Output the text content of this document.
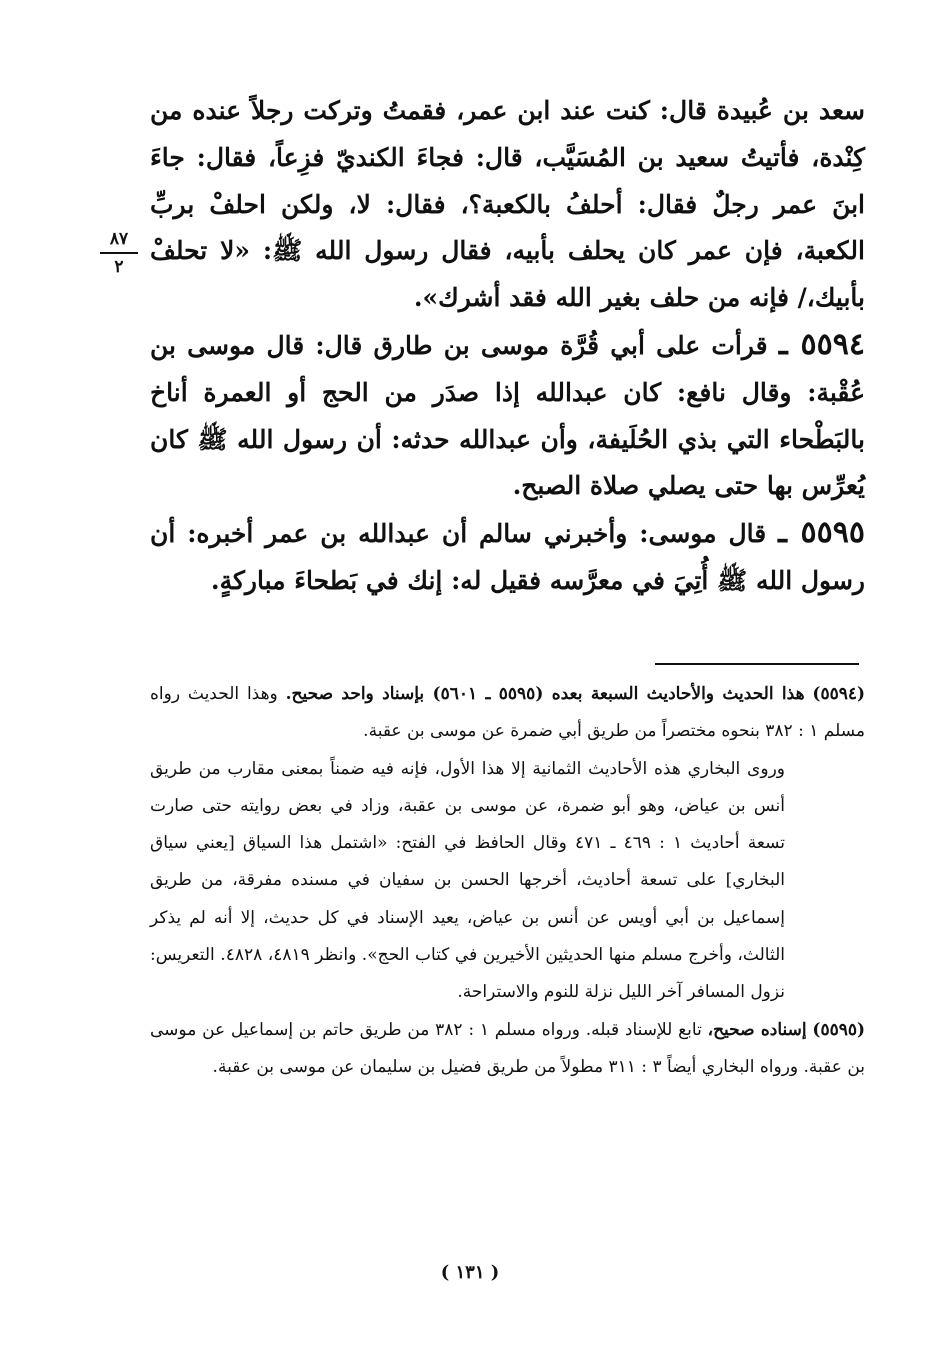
٨٧
٢

سعد بن عُبيدة قال: كنت عند ابن عمر، فقمتُ وتركت رجلاً عنده من كِنْدة، فأتيتُ سعيد بن المُسَيَّب، قال: فجاءَ الكنديّ فزِعاً، فقال: جاءَ ابنَ عمر رجلٌ فقال: أحلفُ بالكعبة؟، فقال: لا، ولكن احلفْ بربِّ الكعبة، فإن عمر كان يحلف بأبيه، فقال رسول الله ﷺ: «لا تحلفْ بأبيك،/ فإنه من حلف بغير الله فقد أشرك».

٥٥٩٤ ـ قرأت على أبي قُرَّة موسى بن طارق قال: قال موسى بن عُقْبة: وقال نافع: كان عبدالله إذا صدَر من الحج أو العمرة أناخ بالبَطْحاء التي بذي الحُلَيفة، وأن عبدالله حدثه: أن رسول الله ﷺ كان يُعرِّس بها حتى يصلي صلاة الصبح.

٥٥٩٥ ـ قال موسى: وأخبرني سالم أن عبدالله بن عمر أخبره: أن رسول الله ﷺ أُتِيَ في معرَّسه فقيل له: إنك في بَطحاءَ مباركةٍ.

(٥٥٩٤) هذا الحديث والأحاديث السبعة بعده (٥٥٩٥ ـ ٥٦٠١) بإسناد واحد صحيح. وهذا الحديث رواه مسلم ١ : ٣٨٢ بنحوه مختصراً من طريق أبي ضمرة عن موسى بن عقبة.

وروى البخاري هذه الأحاديث الثمانية إلا هذا الأول، فإنه فيه ضمناً بمعنى مقارب من طريق أنس بن عياض، وهو أبو ضمرة، عن موسى بن عقبة، وزاد في بعض روايته حتى صارت تسعة أحاديث ١ : ٤٦٩ ـ ٤٧١ وقال الحافظ في الفتح: «اشتمل هذا السياق [يعني سياق البخاري] على تسعة أحاديث، أخرجها الحسن بن سفيان في مسنده مفرقة، من طريق إسماعيل بن أبي أويس عن أنس بن عياض، يعيد الإسناد في كل حديث، إلا أنه لم يذكر الثالث، وأخرج مسلم منها الحديثين الأخيرين في كتاب الحج». وانظر ٤٨١٩، ٤٨٢٨. التعريس: نزول المسافر آخر الليل نزلة للنوم والاستراحة.

(٥٥٩٥) إسناده صحيح، تابع للإسناد قبله. ورواه مسلم ١ : ٣٨٢ من طريق حاتم بن إسماعيل عن موسى بن عقبة. ورواه البخاري أيضاً ٣ : ٣١١ مطولاً من طريق فضيل بن سليمان عن موسى بن عقبة.

( ١٣١ )
